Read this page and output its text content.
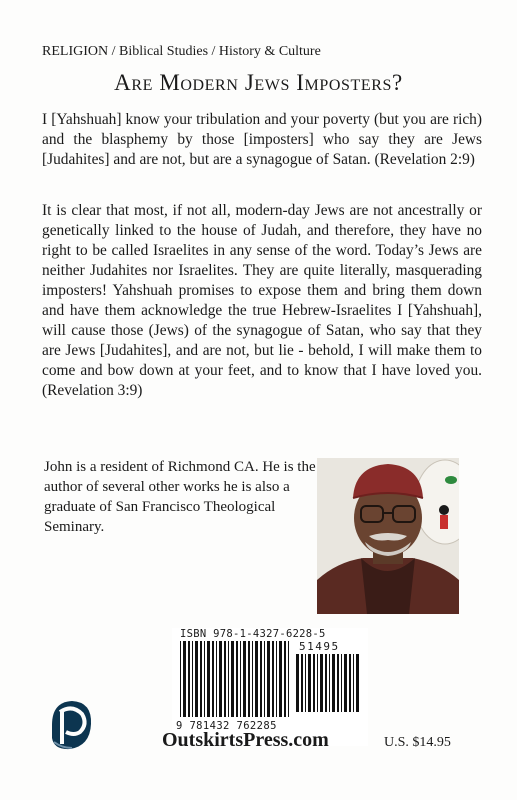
RELIGION / Biblical Studies / History & Culture
Are Modern Jews Imposters?
I [Yahshuah] know your tribulation and your poverty (but you are rich) and the blasphemy by those [imposters] who say they are Jews [Judahites] and are not, but are a synagogue of Satan. (Revelation 2:9)
It is clear that most, if not all, modern-day Jews are not ancestrally or genetically linked to the house of Judah, and therefore, they have no right to be called Israelites in any sense of the word. Today’s Jews are neither Judahites nor Israelites. They are quite literally, masquerading imposters! Yahshuah promises to expose them and bring them down and have them acknowledge the true Hebrew-Israelites I [Yahshuah], will cause those (Jews) of the synagogue of Satan, who say that they are Jews [Judahites], and are not, but lie - behold, I will make them to come and bow down at your feet, and to know that I have loved you. (Revelation 3:9)
John is a resident of Richmond CA. He is the author of several other works he is also a graduate of San Francisco Theological Seminary.
ISBN 978-1-4327-6228-5
51495
9 781432 762285
OutskirtsPress.com	U.S. $14.95
